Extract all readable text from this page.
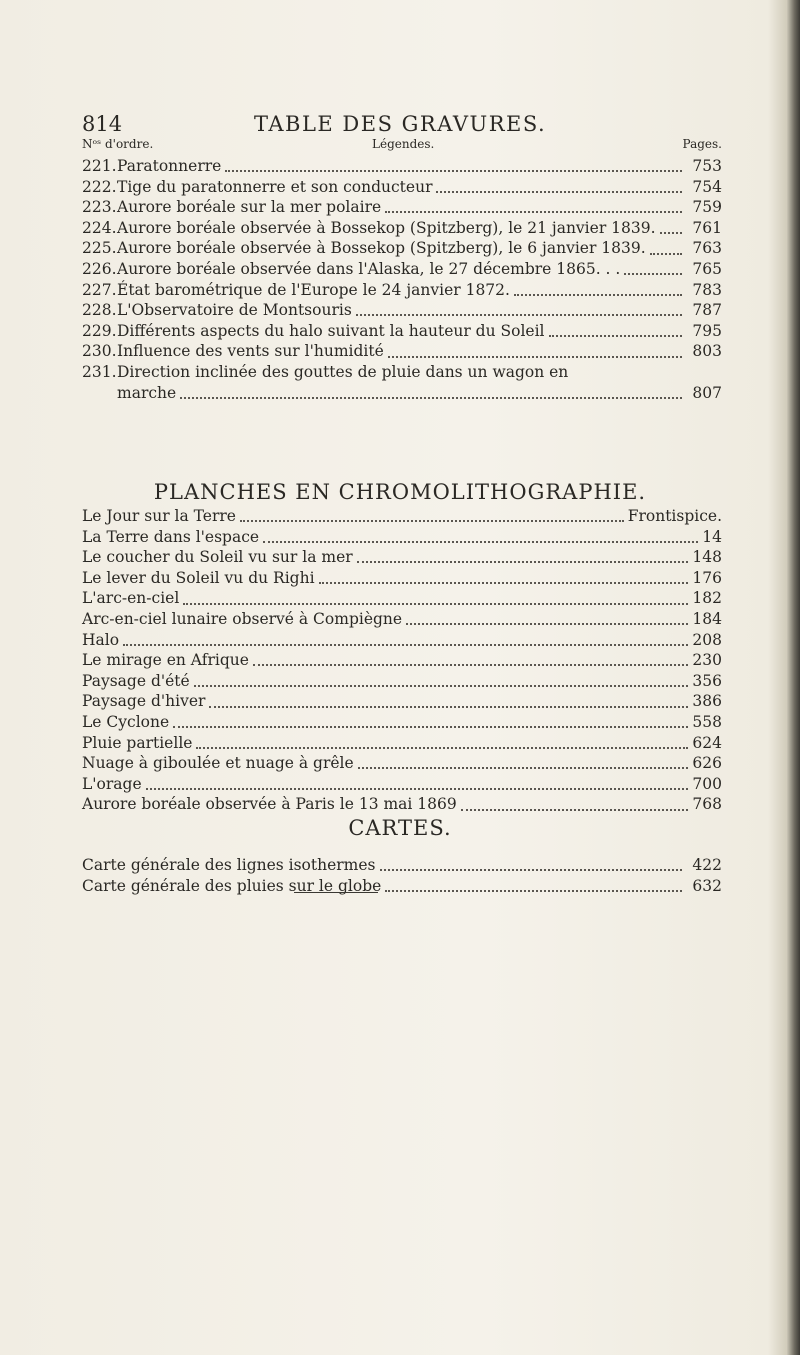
814	TABLE DES GRAVURES.
Nᵒˢ d'ordre.	Légendes.	Pages.
221. Paratonnerre	753
222. Tige du paratonnerre et son conducteur	754
223. Aurore boréale sur la mer polaire	759
224. Aurore boréale observée à Bossekop (Spitzberg), le 21 janvier 1839.	761
225. Aurore boréale observée à Bossekop (Spitzberg), le 6 janvier 1839.	763
226. Aurore boréale observée dans l'Alaska, le 27 décembre 1865. . .	765
227. État barométrique de l'Europe le 24 janvier 1872.	783
228. L'Observatoire de Montsouris	787
229. Différents aspects du halo suivant la hauteur du Soleil	795
230. Influence des vents sur l'humidité	803
231. Direction inclinée des gouttes de pluie dans un wagon en
marche	807
PLANCHES EN CHROMOLITHOGRAPHIE.
Le Jour sur la Terre	Frontispice.
La Terre dans l'espace	14
Le coucher du Soleil vu sur la mer	148
Le lever du Soleil vu du Righi	176
L'arc-en-ciel	182
Arc-en-ciel lunaire observé à Compiègne	184
Halo	208
Le mirage en Afrique	230
Paysage d'été	356
Paysage d'hiver	386
Le Cyclone	558
Pluie partielle	624
Nuage à giboulée et nuage à grêle	626
L'orage	700
Aurore boréale observée à Paris le 13 mai 1869	768
CARTES.
Carte générale des lignes isothermes	422
Carte générale des pluies sur le globe	632
